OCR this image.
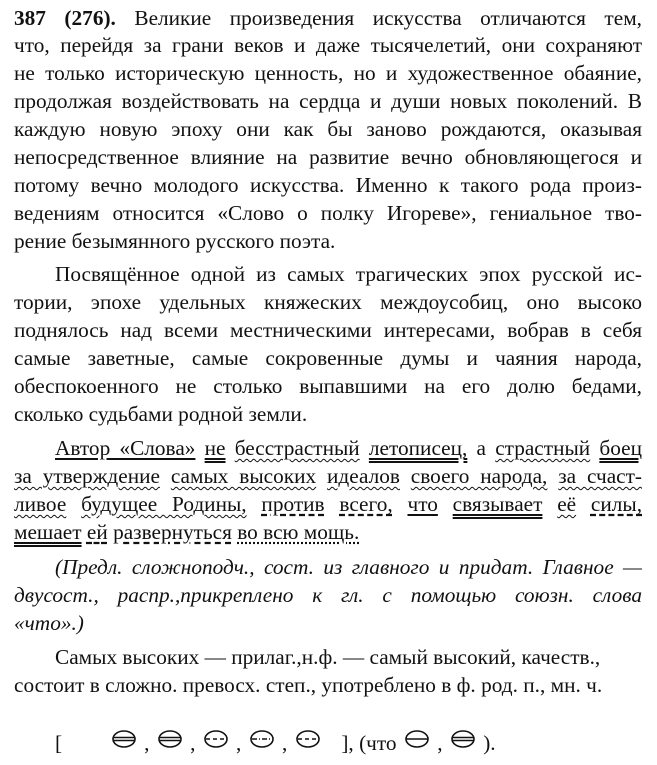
387 (276). Великие произведения искусства отличаются тем,
что, перейдя за грани веков и даже тысячелетий, они сохраняют
не только историческую ценность, но и художественное обаяние,
продолжая воздействовать на сердца и души новых поколений. В
каждую новую эпоху они как бы заново рождаются, оказывая
непосредственное влияние на развитие вечно обновляющегося и
потому вечно молодого искусства. Именно к такого рода произ-
ведениям относится «Слово о полку Игореве», гениальное тво-
рение безымянного русского поэта.
Посвящённое одной из самых трагических эпох русской ис-
тории, эпохе удельных княжеских междоусобиц, оно высоко
поднялось над всеми местническими интересами, вобрав в себя
самые заветные, самые сокровенные думы и чаяния народа,
обеспокоенного не столько выпавшими на его долю бедами,
сколько судьбами родной земли.
Автор «Слова» не бесстрастный летописец, а страстный боец
за утверждение самых высоких идеалов своего народа, за счаст-
ливое будущее Родины, против всего, что связывает её силы,
мешает ей развернуться во всю мощь.
(Предл. сложноподч., сост. из главного и придат. Главное —
двусост., распр.,прикреплено к гл. с помощью союзн. слова
«что».)
Самых высоких — прилаг.,н.ф. — самый высокий, качеств.,
состоит в сложно. превосх. степ., употреблено в ф. род. п., мн. ч.
[	, , , ,	], (что , ).
